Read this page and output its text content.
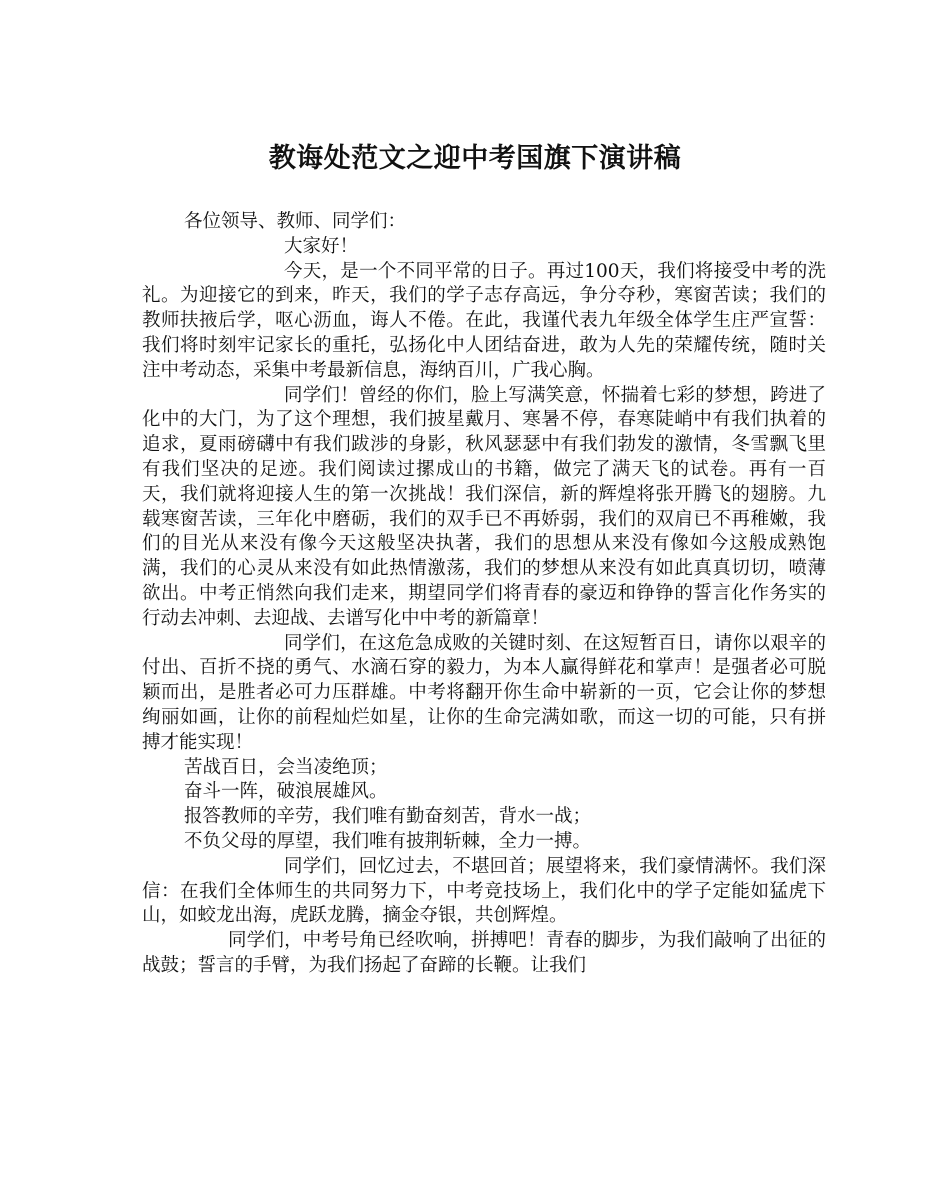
教诲处范文之迎中考国旗下演讲稿

各位领导、教师、同学们：

大家好！

今天，是一个不同平常的日子。再过100天，我们将接受中考的洗礼。为迎接它的到来，昨天，我们的学子志存高远，争分夺秒，寒窗苦读；我们的教师扶掖后学，呕心沥血，诲人不倦。在此，我谨代表九年级全体学生庄严宣誓：我们将时刻牢记家长的重托，弘扬化中人团结奋进，敢为人先的荣耀传统，随时关注中考动态，采集中考最新信息，海纳百川，广我心胸。

同学们！曾经的你们，脸上写满笑意，怀揣着七彩的梦想，跨进了化中的大门，为了这个理想，我们披星戴月、寒暑不停，春寒陡峭中有我们执着的追求，夏雨磅礴中有我们跋涉的身影，秋风瑟瑟中有我们勃发的激情，冬雪飘飞里有我们坚决的足迹。我们阅读过摞成山的书籍，做完了满天飞的试卷。再有一百天，我们就将迎接人生的第一次挑战！我们深信，新的辉煌将张开腾飞的翅膀。九载寒窗苦读，三年化中磨砺，我们的双手已不再娇弱，我们的双肩已不再稚嫩，我们的目光从来没有像今天这般坚决执著，我们的思想从来没有像如今这般成熟饱满，我们的心灵从来没有如此热情激荡，我们的梦想从来没有如此真真切切，喷薄欲出。中考正悄然向我们走来，期望同学们将青春的豪迈和铮铮的誓言化作务实的行动去冲刺、去迎战、去谱写化中中考的新篇章！

同学们，在这危急成败的关键时刻、在这短暂百日，请你以艰辛的付出、百折不挠的勇气、水滴石穿的毅力，为本人赢得鲜花和掌声！是强者必可脱颖而出，是胜者必可力压群雄。中考将翻开你生命中崭新的一页，它会让你的梦想绚丽如画，让你的前程灿烂如星，让你的生命完满如歌，而这一切的可能，只有拼搏才能实现！

苦战百日，会当凌绝顶；

奋斗一阵，破浪展雄风。

报答教师的辛劳，我们唯有勤奋刻苦，背水一战；

不负父母的厚望，我们唯有披荆斩棘，全力一搏。

同学们，回忆过去，不堪回首；展望将来，我们豪情满怀。我们深信：在我们全体师生的共同努力下，中考竞技场上，我们化中的学子定能如猛虎下山，如蛟龙出海，虎跃龙腾，摘金夺银，共创辉煌。

同学们，中考号角已经吹响，拼搏吧！青春的脚步，为我们敲响了出征的战鼓；誓言的手臂，为我们扬起了奋蹄的长鞭。让我们
